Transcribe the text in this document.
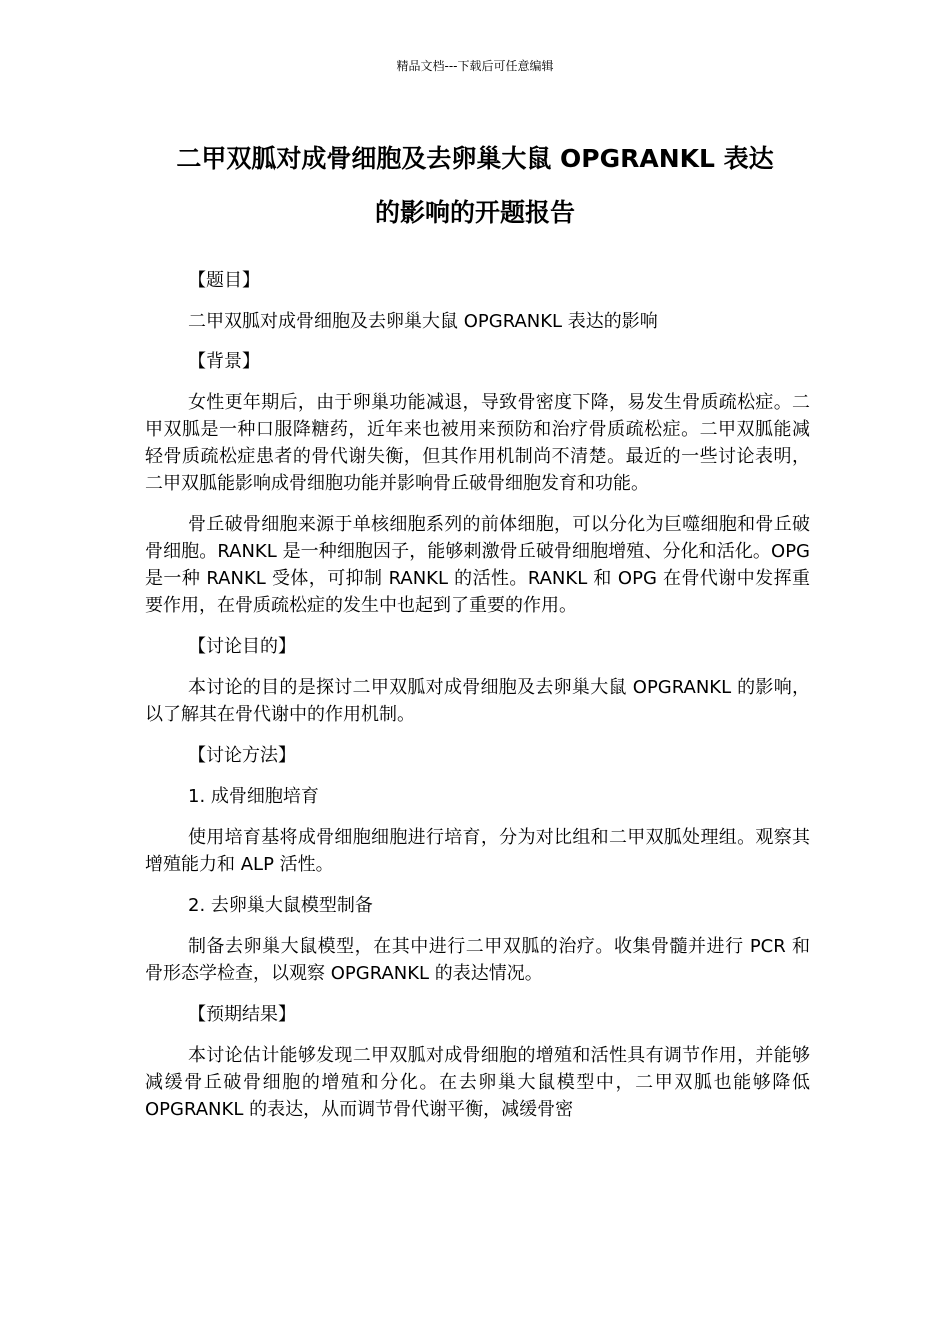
精品文档---下载后可任意编辑
二甲双胍对成骨细胞及去卵巢大鼠 OPGRANKL 表达
的影响的开题报告

【题目】

二甲双胍对成骨细胞及去卵巢大鼠 OPGRANKL 表达的影响

【背景】

女性更年期后，由于卵巢功能减退，导致骨密度下降，易发生骨质疏松症。二甲双胍是一种口服降糖药，近年来也被用来预防和治疗骨质疏松症。二甲双胍能减轻骨质疏松症患者的骨代谢失衡，但其作用机制尚不清楚。最近的一些讨论表明，二甲双胍能影响成骨细胞功能并影响骨丘破骨细胞发育和功能。

骨丘破骨细胞来源于单核细胞系列的前体细胞，可以分化为巨噬细胞和骨丘破骨细胞。RANKL 是一种细胞因子，能够刺激骨丘破骨细胞增殖、分化和活化。OPG 是一种 RANKL 受体，可抑制 RANKL 的活性。RANKL 和 OPG 在骨代谢中发挥重要作用，在骨质疏松症的发生中也起到了重要的作用。

【讨论目的】

本讨论的目的是探讨二甲双胍对成骨细胞及去卵巢大鼠 OPGRANKL 的影响，以了解其在骨代谢中的作用机制。

【讨论方法】

1. 成骨细胞培育

使用培育基将成骨细胞细胞进行培育，分为对比组和二甲双胍处理组。观察其增殖能力和 ALP 活性。

2. 去卵巢大鼠模型制备

制备去卵巢大鼠模型，在其中进行二甲双胍的治疗。收集骨髓并进行 PCR 和骨形态学检查，以观察 OPGRANKL 的表达情况。

【预期结果】

本讨论估计能够发现二甲双胍对成骨细胞的增殖和活性具有调节作用，并能够减缓骨丘破骨细胞的增殖和分化。在去卵巢大鼠模型中，二甲双胍也能够降低 OPGRANKL 的表达，从而调节骨代谢平衡，减缓骨密
